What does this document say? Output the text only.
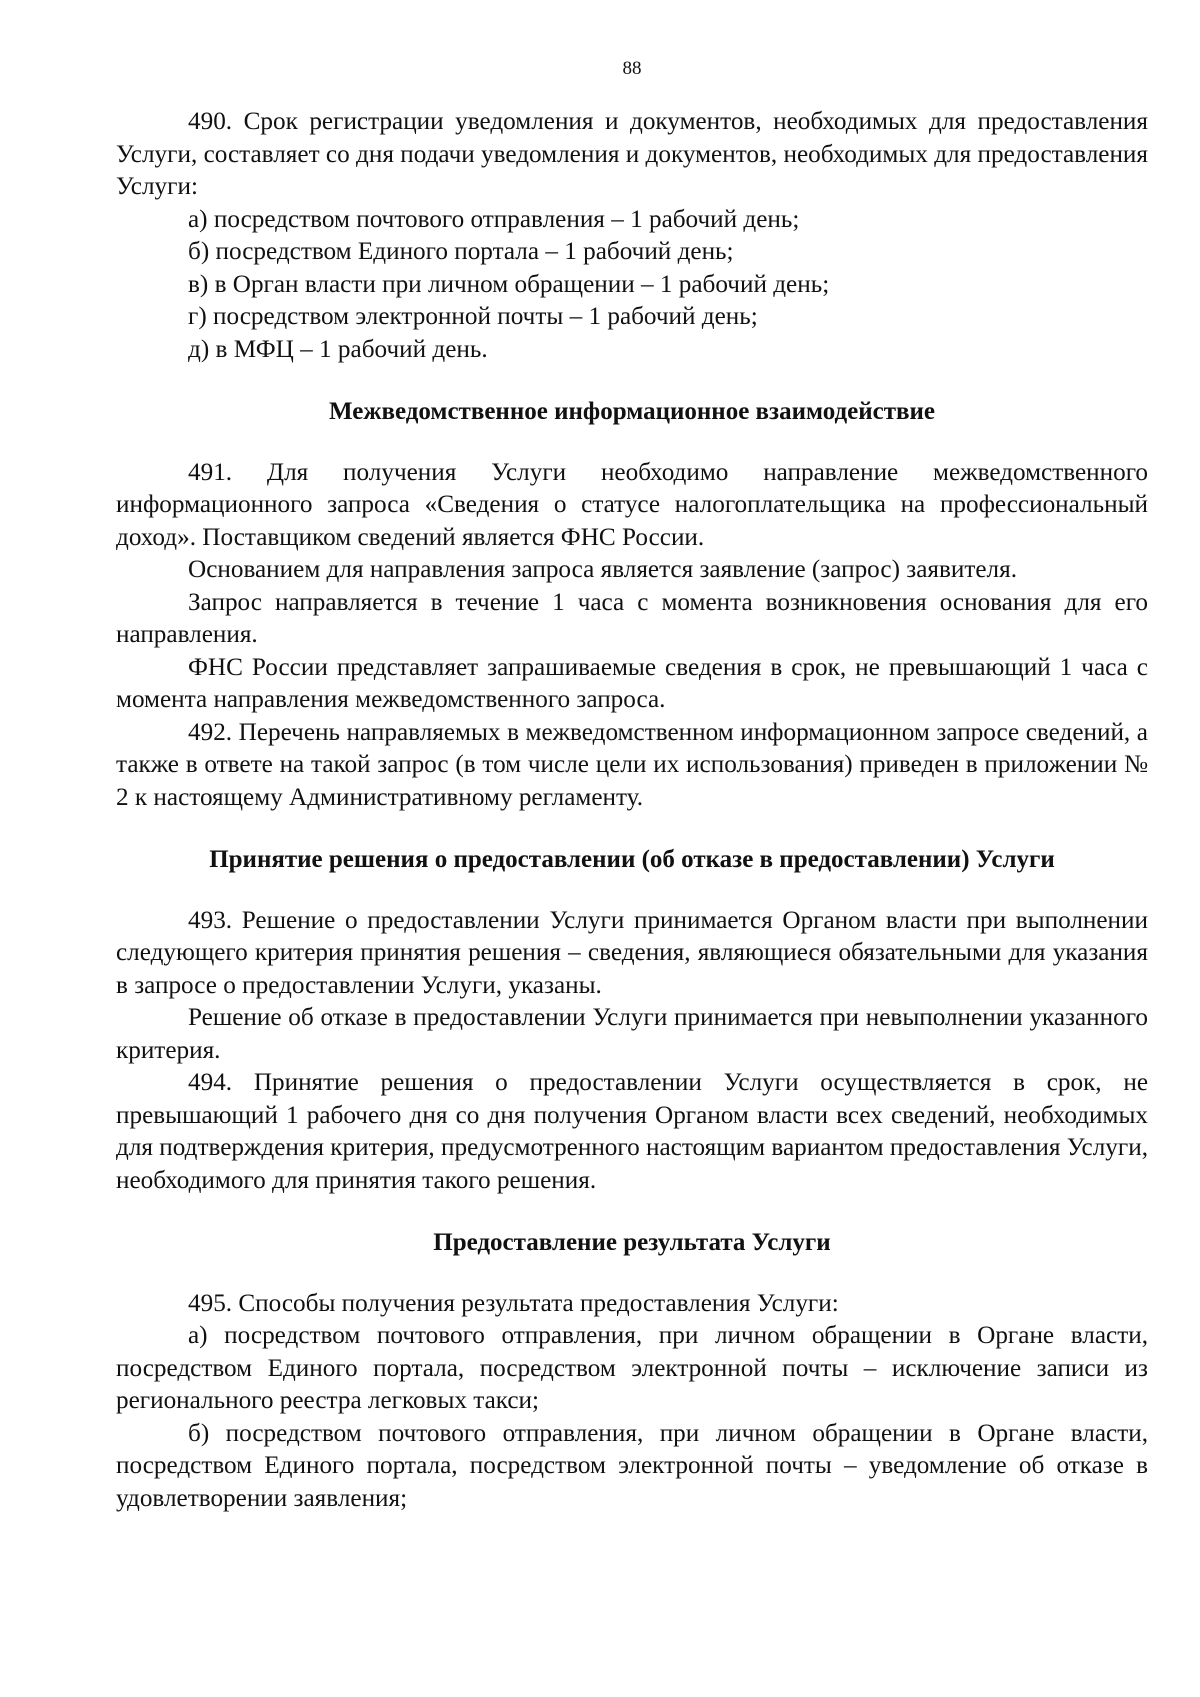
88

490. Срок регистрации уведомления и документов, необходимых для предоставления Услуги, составляет со дня подачи уведомления и документов, необходимых для предоставления Услуги:

а) посредством почтового отправления – 1 рабочий день;

б) посредством Единого портала – 1 рабочий день;

в) в Орган власти при личном обращении – 1 рабочий день;

г) посредством электронной почты – 1 рабочий день;

д) в МФЦ – 1 рабочий день.

Межведомственное информационное взаимодействие

491. Для получения Услуги необходимо направление межведомственного информационного запроса «Сведения о статусе налогоплательщика на профессиональный доход». Поставщиком сведений является ФНС России.

Основанием для направления запроса является заявление (запрос) заявителя.

Запрос направляется в течение 1 часа с момента возникновения основания для его направления.

ФНС России представляет запрашиваемые сведения в срок, не превышающий 1 часа с момента направления межведомственного запроса.

492. Перечень направляемых в межведомственном информационном запросе сведений, а также в ответе на такой запрос (в том числе цели их использования) приведен в приложении № 2 к настоящему Административному регламенту.

Принятие решения о предоставлении (об отказе в предоставлении) Услуги

493. Решение о предоставлении Услуги принимается Органом власти при выполнении следующего критерия принятия решения – сведения, являющиеся обязательными для указания в запросе о предоставлении Услуги, указаны.

Решение об отказе в предоставлении Услуги принимается при невыполнении указанного критерия.

494. Принятие решения о предоставлении Услуги осуществляется в срок, не превышающий 1 рабочего дня со дня получения Органом власти всех сведений, необходимых для подтверждения критерия, предусмотренного настоящим вариантом предоставления Услуги, необходимого для принятия такого решения.

Предоставление результата Услуги

495. Способы получения результата предоставления Услуги:

а) посредством почтового отправления, при личном обращении в Органе власти, посредством Единого портала, посредством электронной почты – исключение записи из регионального реестра легковых такси;

б) посредством почтового отправления, при личном обращении в Органе власти, посредством Единого портала, посредством электронной почты – уведомление об отказе в удовлетворении заявления;
